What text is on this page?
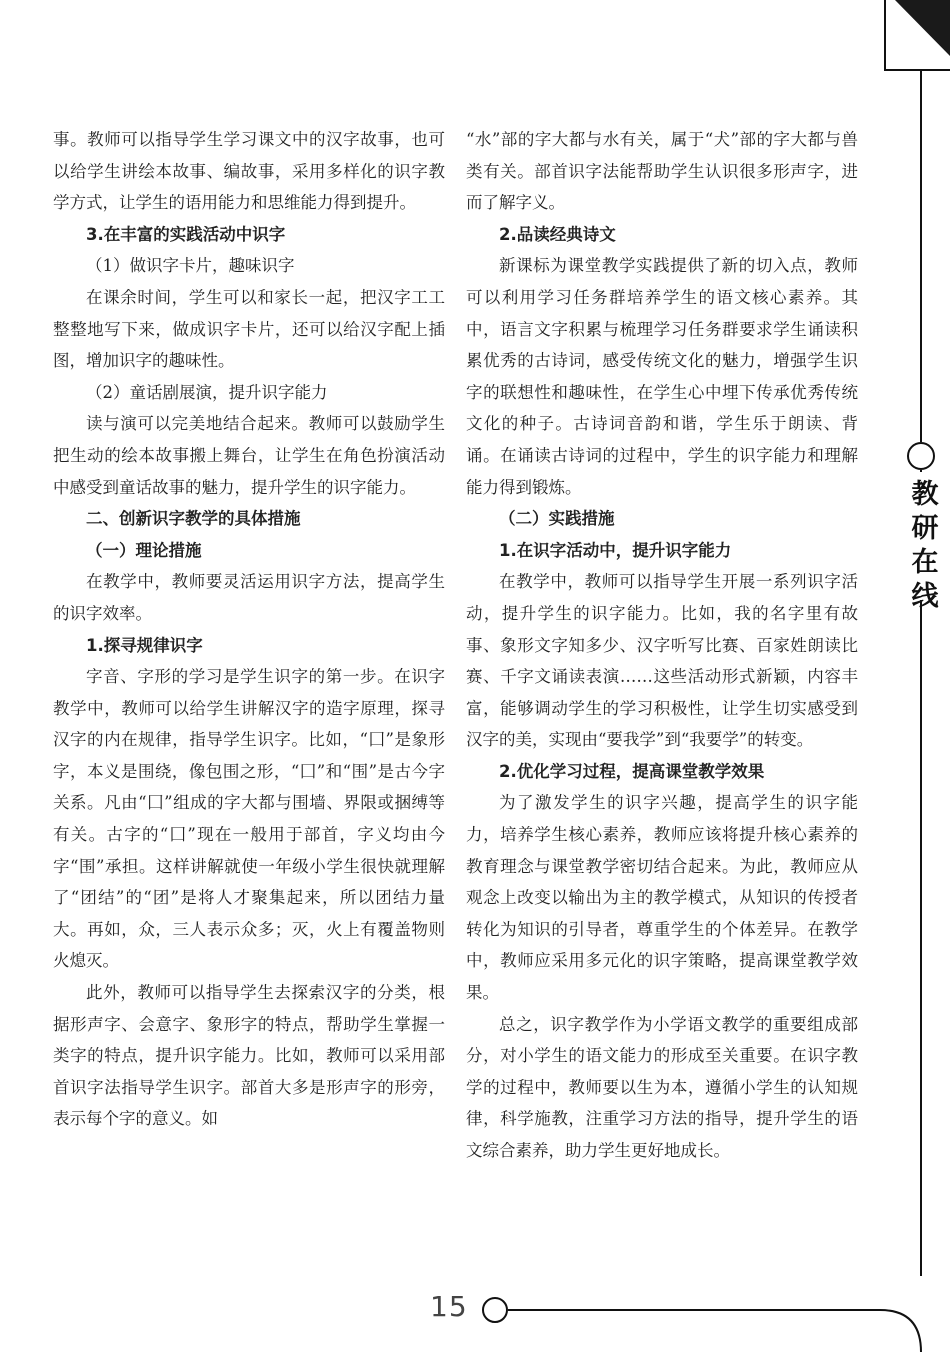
事。教师可以指导学生学习课文中的汉字故事，也可以给学生讲绘本故事、编故事，采用多样化的识字教学方式，让学生的语用能力和思维能力得到提升。

3.在丰富的实践活动中识字

（1）做识字卡片，趣味识字

在课余时间，学生可以和家长一起，把汉字工工整整地写下来，做成识字卡片，还可以给汉字配上插图，增加识字的趣味性。

（2）童话剧展演，提升识字能力

读与演可以完美地结合起来。教师可以鼓励学生把生动的绘本故事搬上舞台，让学生在角色扮演活动中感受到童话故事的魅力，提升学生的识字能力。

二、创新识字教学的具体措施
（一）理论措施

在教学中，教师要灵活运用识字方法，提高学生的识字效率。

1.探寻规律识字

字音、字形的学习是学生识字的第一步。在识字教学中，教师可以给学生讲解汉字的造字原理，探寻汉字的内在规律，指导学生识字。比如，“囗”是象形字，本义是围绕，像包围之形，“囗”和“围”是古今字关系。凡由“囗”组成的字大都与围墙、界限或捆缚等有关。古字的“囗”现在一般用于部首，字义均由今字“围”承担。这样讲解就使一年级小学生很快就理解了“团结”的“团”是将人才聚集起来，所以团结力量大。再如，众，三人表示众多；灭，火上有覆盖物则火熄灭。

此外，教师可以指导学生去探索汉字的分类，根据形声字、会意字、象形字的特点，帮助学生掌握一类字的特点，提升识字能力。比如，教师可以采用部首识字法指导学生识字。部首大多是形声字的形旁，表示每个字的意义。如

“水”部的字大都与水有关，属于“犬”部的字大都与兽类有关。部首识字法能帮助学生认识很多形声字，进而了解字义。

2.品读经典诗文

新课标为课堂教学实践提供了新的切入点，教师可以利用学习任务群培养学生的语文核心素养。其中，语言文字积累与梳理学习任务群要求学生诵读积累优秀的古诗词，感受传统文化的魅力，增强学生识字的联想性和趣味性，在学生心中埋下传承优秀传统文化的种子。古诗词音韵和谐，学生乐于朗读、背诵。在诵读古诗词的过程中，学生的识字能力和理解能力得到锻炼。

（二）实践措施
1.在识字活动中，提升识字能力

在教学中，教师可以指导学生开展一系列识字活动，提升学生的识字能力。比如，我的名字里有故事、象形文字知多少、汉字听写比赛、百家姓朗读比赛、千字文诵读表演……这些活动形式新颖，内容丰富，能够调动学生的学习积极性，让学生切实感受到汉字的美，实现由“要我学”到“我要学”的转变。

2.优化学习过程，提高课堂教学效果

为了激发学生的识字兴趣，提高学生的识字能力，培养学生核心素养，教师应该将提升核心素养的教育理念与课堂教学密切结合起来。为此，教师应从观念上改变以输出为主的教学模式，从知识的传授者转化为知识的引导者，尊重学生的个体差异。在教学中，教师应采用多元化的识字策略，提高课堂教学效果。

总之，识字教学作为小学语文教学的重要组成部分，对小学生的语文能力的形成至关重要。在识字教学的过程中，教师要以生为本，遵循小学生的认知规律，科学施教，注重学习方法的指导，提升学生的语文综合素养，助力学生更好地成长。

教
研
在
线
15
